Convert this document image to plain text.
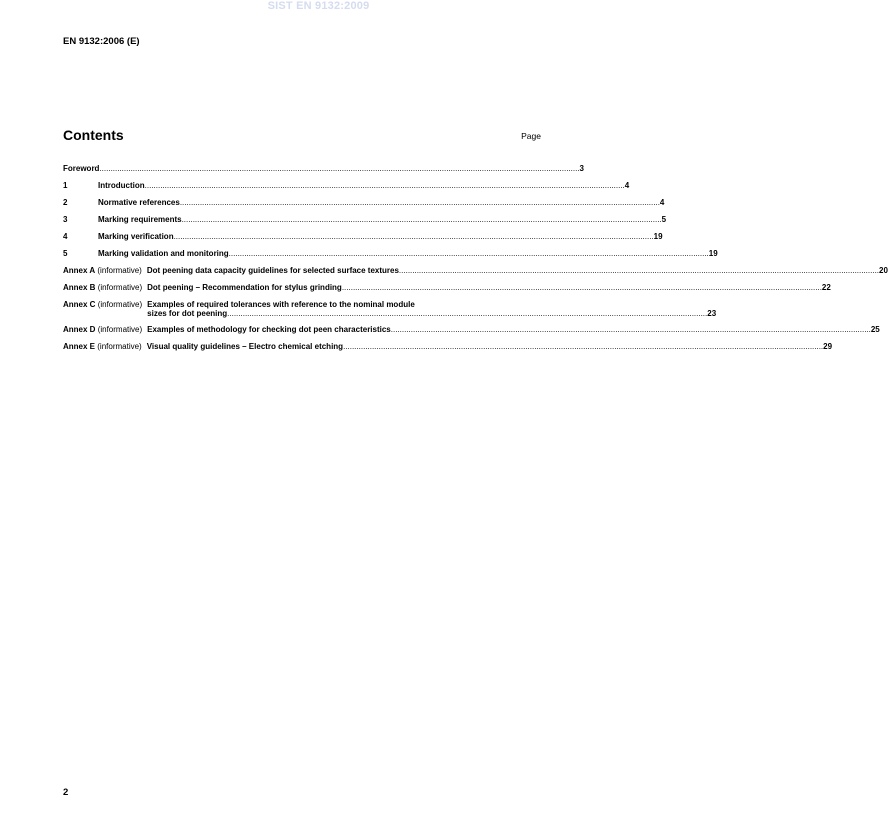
SIST EN 9132:2009
EN 9132:2006 (E)
Contents	Page
Foreword .....	3
1	Introduction .....	4
2	Normative references .....	4
3	Marking requirements .....	5
4	Marking verification .....	19
5	Marking validation and monitoring .....	19
Annex A (informative) Dot peening data capacity guidelines for selected surface textures .....	20
Annex B (informative) Dot peening – Recommendation for stylus grinding .....	22
Annex C (informative) Examples of required tolerances with reference to the nominal module
sizes for dot peening .....	23
Annex D (informative) Examples of methodology for checking dot peen characteristics .....	25
Annex E (informative) Visual quality guidelines – Electro chemical etching .....	29
2
